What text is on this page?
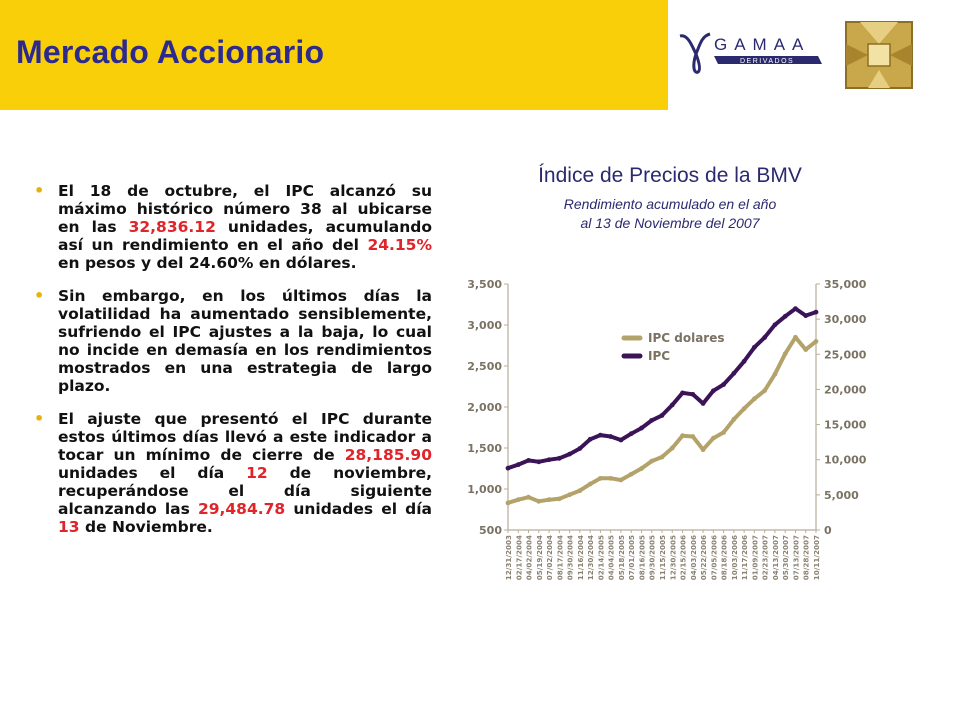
Mercado Accionario	GAMAA
DERIVADOS
• El 18 de octubre, el IPC alcanzó su máximo histórico número 38 al ubicarse en las 32,836.12 unidades, acumulando así un rendimiento en el año del 24.15% en pesos y del 24.60% en dólares.
• Sin embargo, en los últimos días la volatilidad ha aumentado sensiblemente, sufriendo el IPC ajustes a la baja, lo cual no incide en demasía en los rendimientos mostrados en una estrategia de largo plazo.
• El ajuste que presentó el IPC durante estos últimos días llevó a este indicador a tocar un mínimo de cierre de 28,185.90 unidades el día 12 de noviembre, recuperándose el día siguiente alcanzando las 29,484.78 unidades el día 13 de Noviembre.
Índice de Precios de la BMV
Rendimiento acumulado en el año
al 13 de Noviembre del 2007
500
1,000
1,500
2,000
2,500
3,000
3,500
0
5,000
10,000
15,000
20,000
25,000
30,000
35,000
12/31/2003 02/17/2004 04/02/2004 05/19/2004 07/02/2004 08/17/2004 09/30/2004 11/16/2004 12/30/2004 02/14/2005 04/04/2005 05/18/2005 07/01/2005 08/16/2005 09/30/2005 11/15/2005 12/30/2005 02/15/2006 04/03/2006 05/22/2006 07/05/2006 08/18/2006 10/03/2006 11/17/2006 01/09/2007 02/23/2007 04/13/2007 05/30/2007 07/13/2007 08/28/2007 10/11/2007
IPC dolares
IPC
